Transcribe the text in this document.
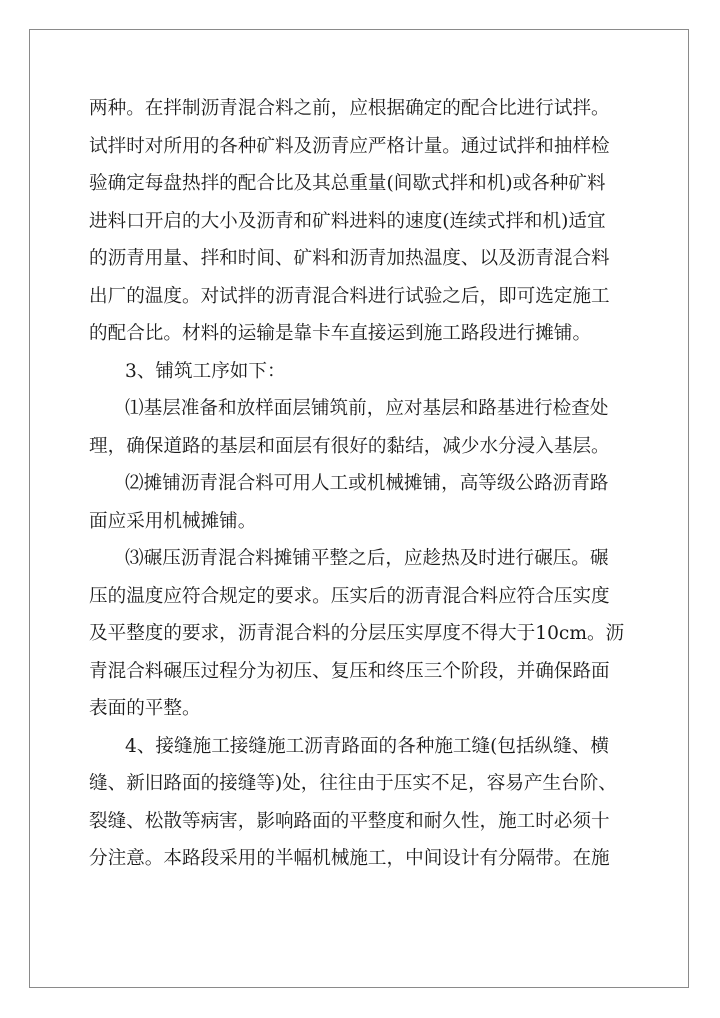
两种。在拌制沥青混合料之前，应根据确定的配合比进行试拌。
试拌时对所用的各种矿料及沥青应严格计量。通过试拌和抽样检
验确定每盘热拌的配合比及其总重量(间歇式拌和机)或各种矿料
进料口开启的大小及沥青和矿料进料的速度(连续式拌和机)适宜
的沥青用量、拌和时间、矿料和沥青加热温度、以及沥青混合料
出厂的温度。对试拌的沥青混合料进行试验之后，即可选定施工
的配合比。材料的运输是靠卡车直接运到施工路段进行摊铺。
3、铺筑工序如下：
⑴基层准备和放样面层铺筑前，应对基层和路基进行检查处
理，确保道路的基层和面层有很好的黏结，减少水分浸入基层。
⑵摊铺沥青混合料可用人工或机械摊铺，高等级公路沥青路
面应采用机械摊铺。
⑶碾压沥青混合料摊铺平整之后，应趁热及时进行碾压。碾
压的温度应符合规定的要求。压实后的沥青混合料应符合压实度
及平整度的要求，沥青混合料的分层压实厚度不得大于10cm。沥
青混合料碾压过程分为初压、复压和终压三个阶段，并确保路面
表面的平整。
4、接缝施工接缝施工沥青路面的各种施工缝(包括纵缝、横
缝、新旧路面的接缝等)处，往往由于压实不足，容易产生台阶、
裂缝、松散等病害，影响路面的平整度和耐久性，施工时必须十
分注意。本路段采用的半幅机械施工，中间设计有分隔带。在施
